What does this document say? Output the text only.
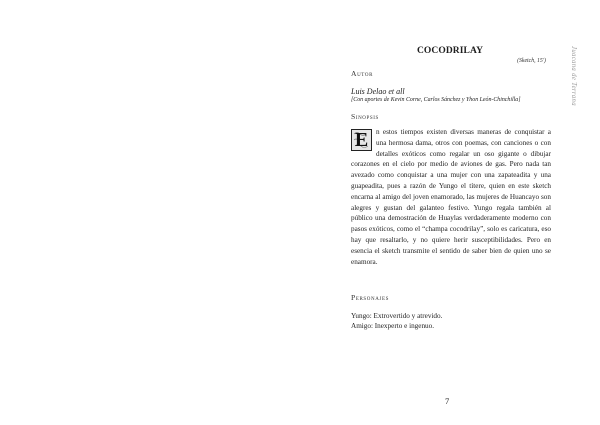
COCODRILAY
(Sketch, 15')	Juacana de Terrana
Autor
Luis Delao et all
[Con aportes de Kevin Corne, Carlos Sánchez y Yhon León-Chinchilla]
Sinopsis
E	n estos tiempos existen diversas maneras de conquistar a una hermosa dama, otros con poemas, con canciones o con detalles exóticos como regalar un oso gigante o dibujar corazones en el cielo por medio de aviones de gas. Pero nada tan avezado como conquistar a una mujer con una zapateadita y una guapeadita, pues a razón de Yungo el títere, quien en este sketch encarna al amigo del joven enamorado, las mujeres de Huancayo son alegres y gustan del galanteo festivo. Yungo regala también al público una demostración de Huaylas verdaderamente moderno con pasos exóticos, como el “champa cocodrilay”, solo es caricatura, eso hay que resaltarlo, y no quiere herir susceptibilidades. Pero en esencia el sketch transmite el sentido de saber bien de quien uno se enamora.
Personajes
Yungo: Extrovertido y atrevido.
Amigo: Inexperto e ingenuo.
7
